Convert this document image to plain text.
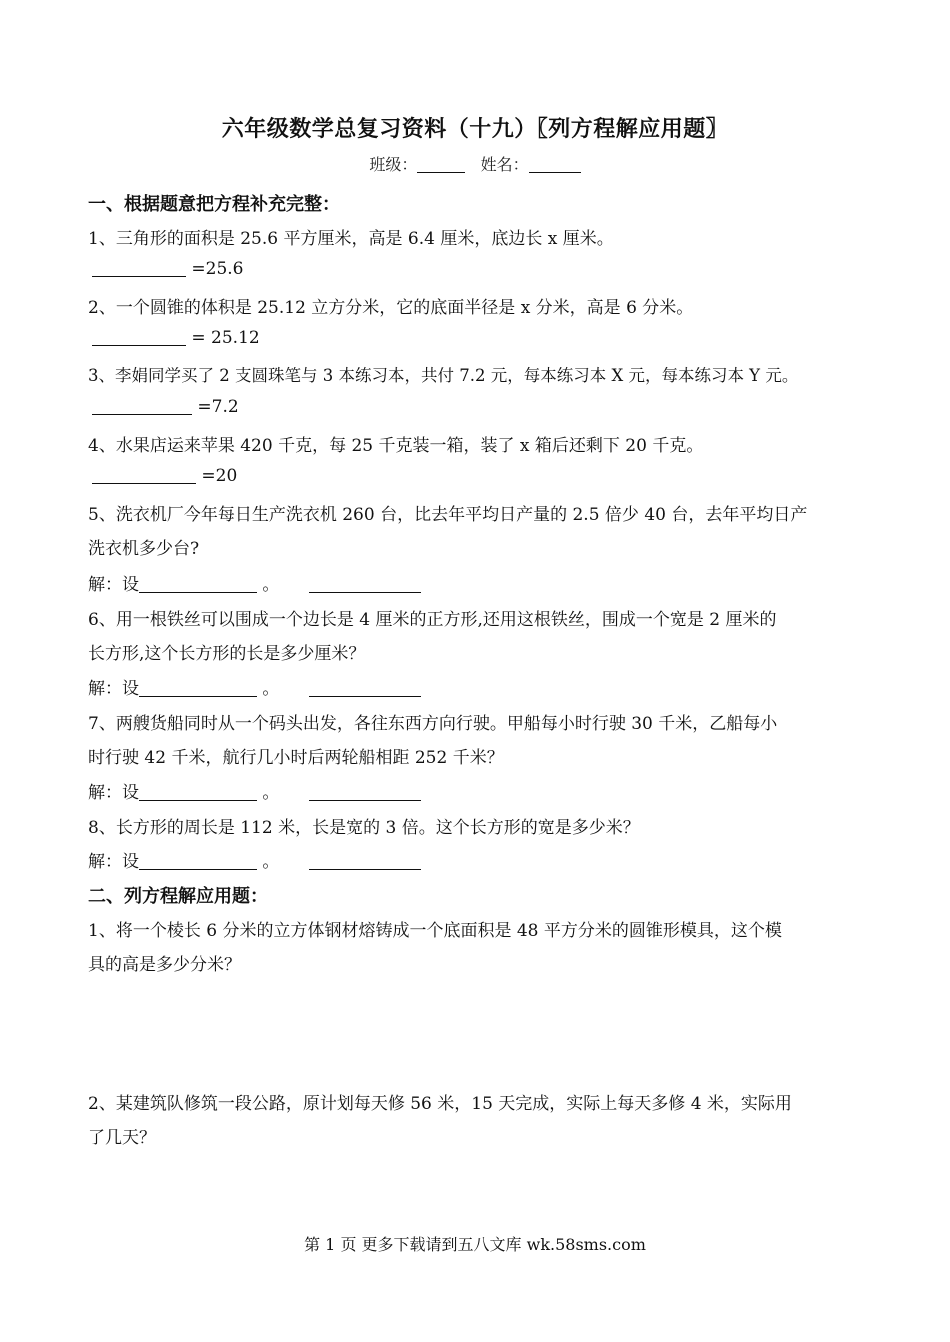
六年级数学总复习资料（十九）〖列方程解应用题〗
班级：	姓名：
一、根据题意把方程补充完整：
1、三角形的面积是 25.6 平方厘米，高是 6.4 厘米，底边长 x 厘米。
=25.6
2、一个圆锥的体积是 25.12 立方分米，它的底面半径是 x 分米，高是 6 分米。
= 25.12
3、李娟同学买了 2 支圆珠笔与 3 本练习本，共付 7.2 元，每本练习本 X 元，每本练习本 Y 元。
=7.2
4、水果店运来苹果 420 千克，每 25 千克装一箱，装了 x 箱后还剩下 20 千克。
=20
5、洗衣机厂今年每日生产洗衣机 260 台，比去年平均日产量的 2.5 倍少 40 台，去年平均日产
洗衣机多少台?
解：设	。
6、用一根铁丝可以围成一个边长是 4 厘米的正方形,还用这根铁丝，围成一个宽是 2 厘米的
长方形,这个长方形的长是多少厘米？
解：设	。
7、两艘货船同时从一个码头出发，各往东西方向行驶。甲船每小时行驶 30 千米，乙船每小
时行驶 42 千米，航行几小时后两轮船相距 252 千米？
解：设	。
8、长方形的周长是 112 米，长是宽的 3 倍。这个长方形的宽是多少米？
解：设	。
二、列方程解应用题：
1、将一个棱长 6 分米的立方体钢材熔铸成一个底面积是 48 平方分米的圆锥形模具，这个模
具的高是多少分米？
2、某建筑队修筑一段公路，原计划每天修 56 米，15 天完成，实际上每天多修 4 米，实际用
了几天？
第 1 页 更多下载请到五八文库 wk.58sms.com
